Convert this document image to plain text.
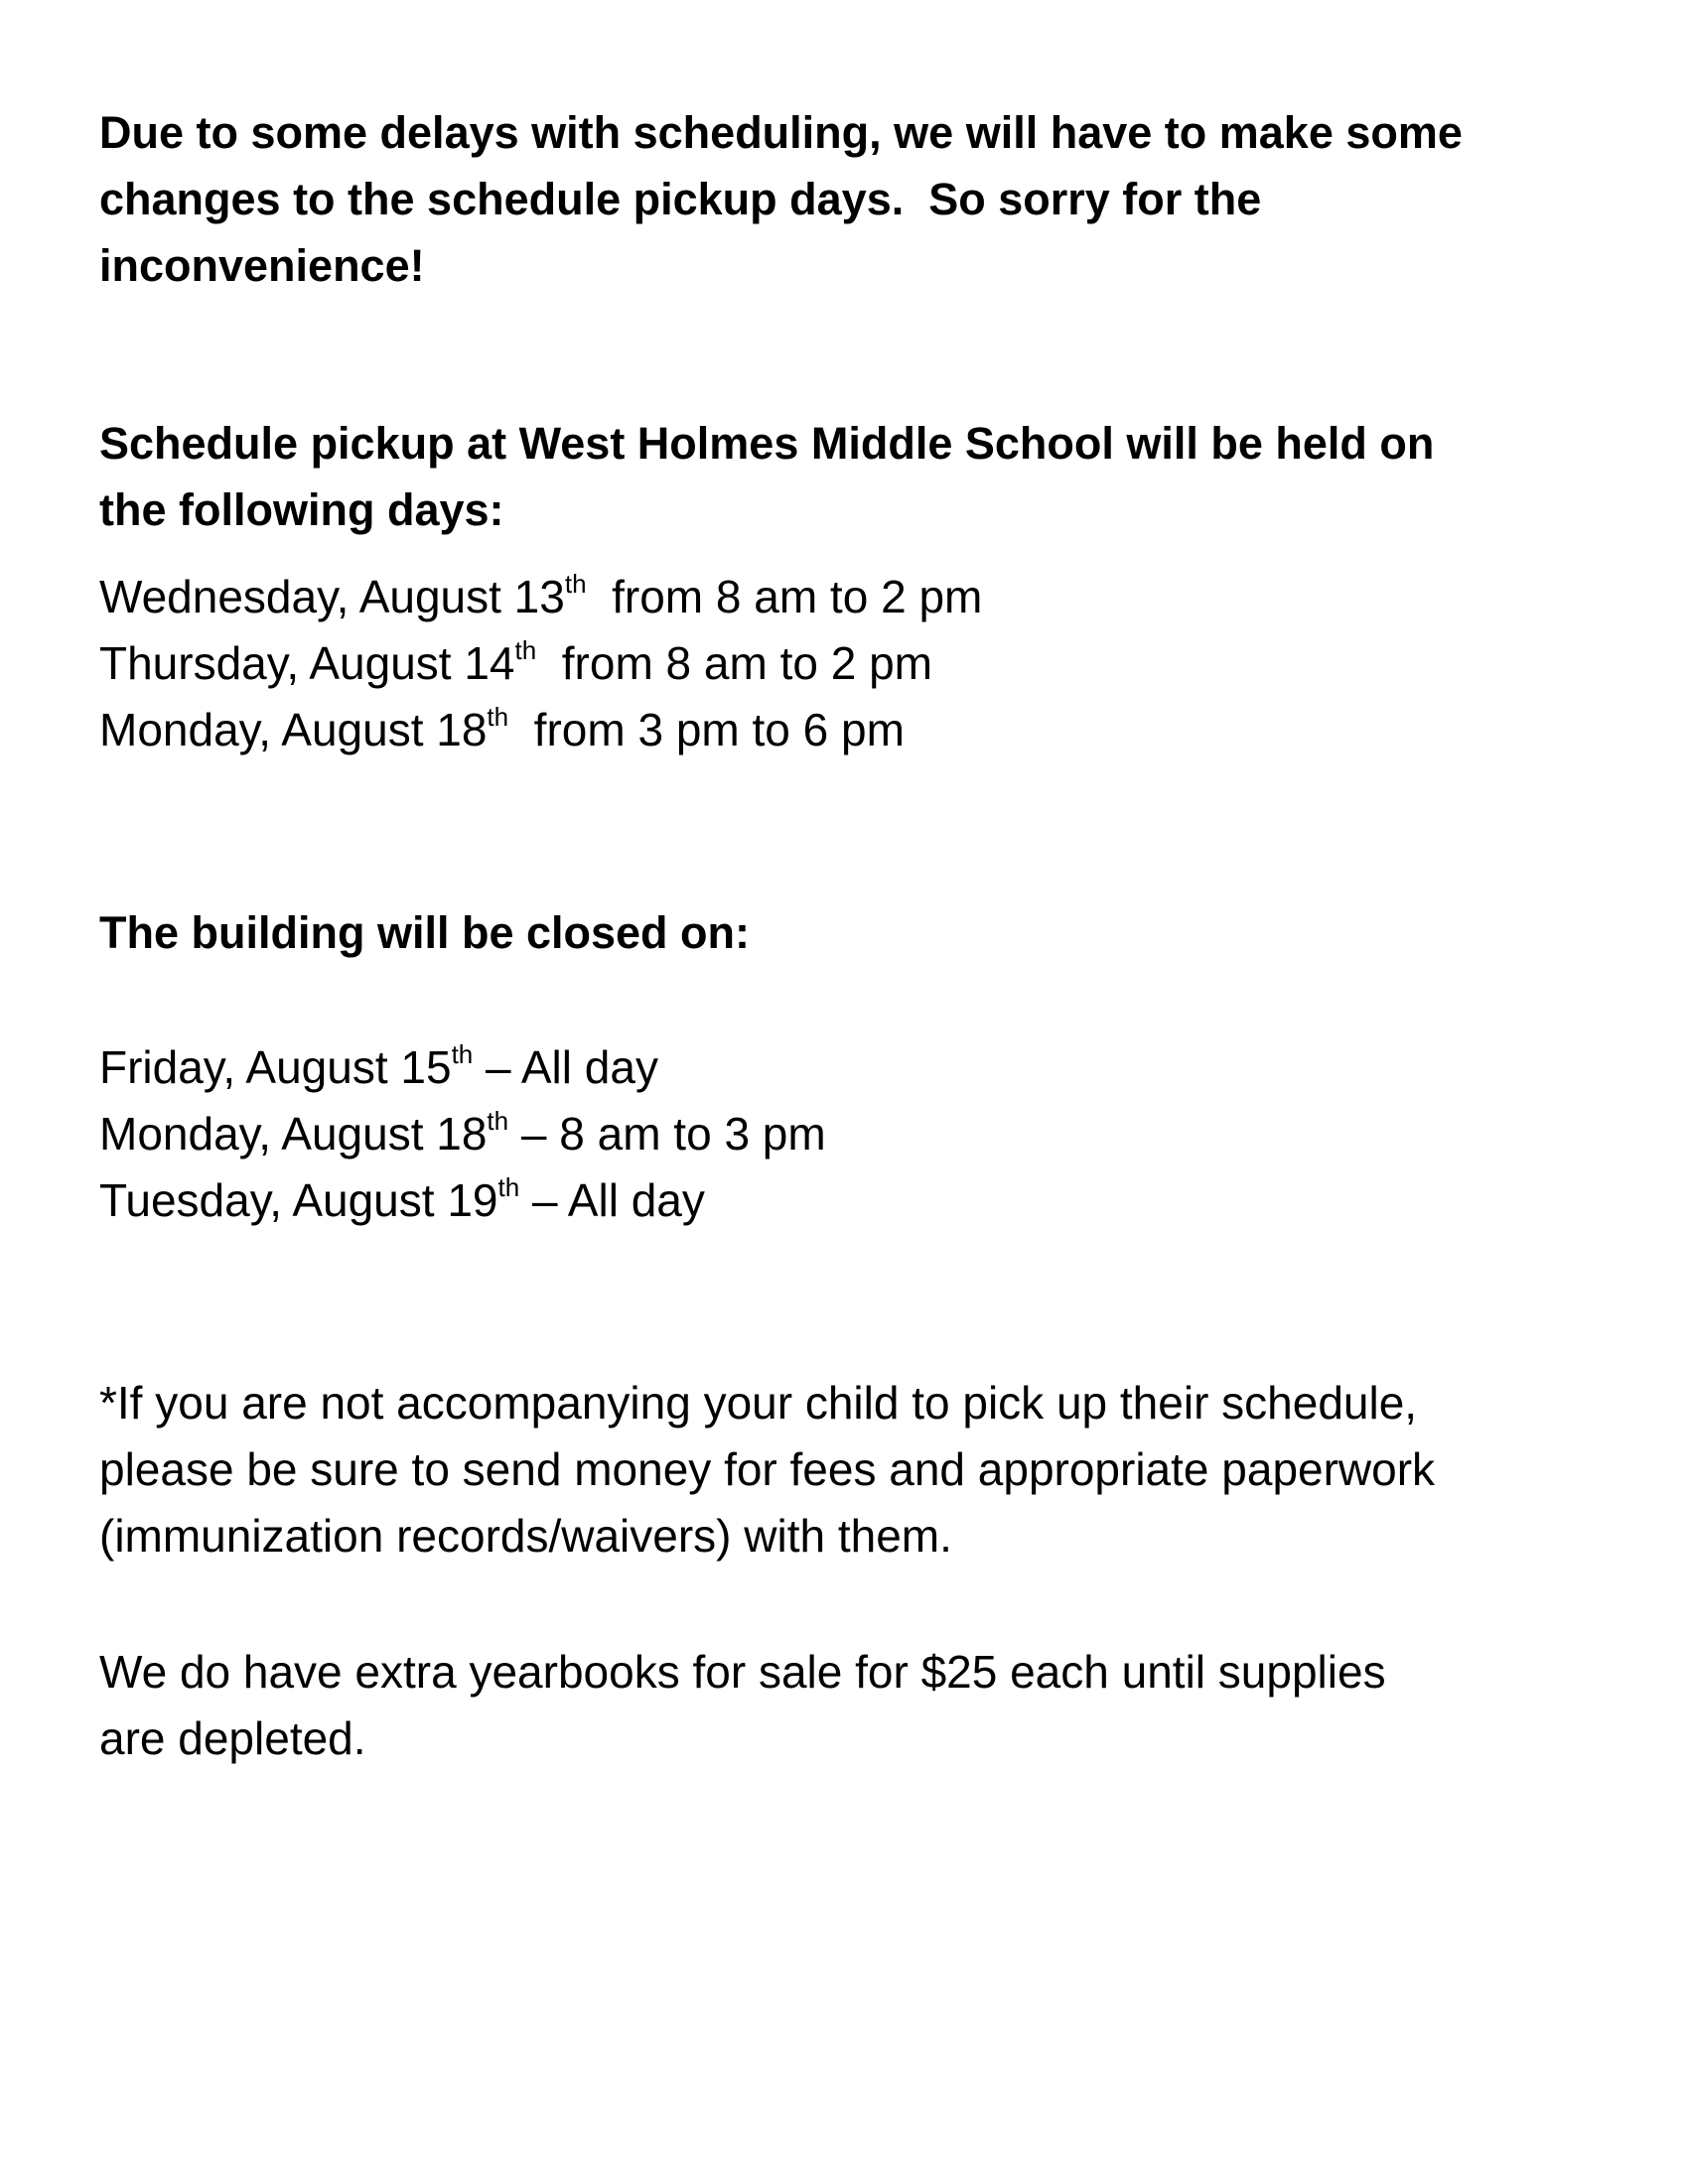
Due to some delays with scheduling, we will have to make some
changes to the schedule pickup days.  So sorry for the
inconvenience!

Schedule pickup at West Holmes Middle School will be held on
the following days:

Wednesday, August 13th  from 8 am to 2 pm
Thursday, August 14th  from 8 am to 2 pm
Monday, August 18th  from 3 pm to 6 pm

The building will be closed on:

Friday, August 15th – All day
Monday, August 18th – 8 am to 3 pm
Tuesday, August 19th – All day

*If you are not accompanying your child to pick up their schedule,
please be sure to send money for fees and appropriate paperwork
(immunization records/waivers) with them.

We do have extra yearbooks for sale for $25 each until supplies
are depleted.
